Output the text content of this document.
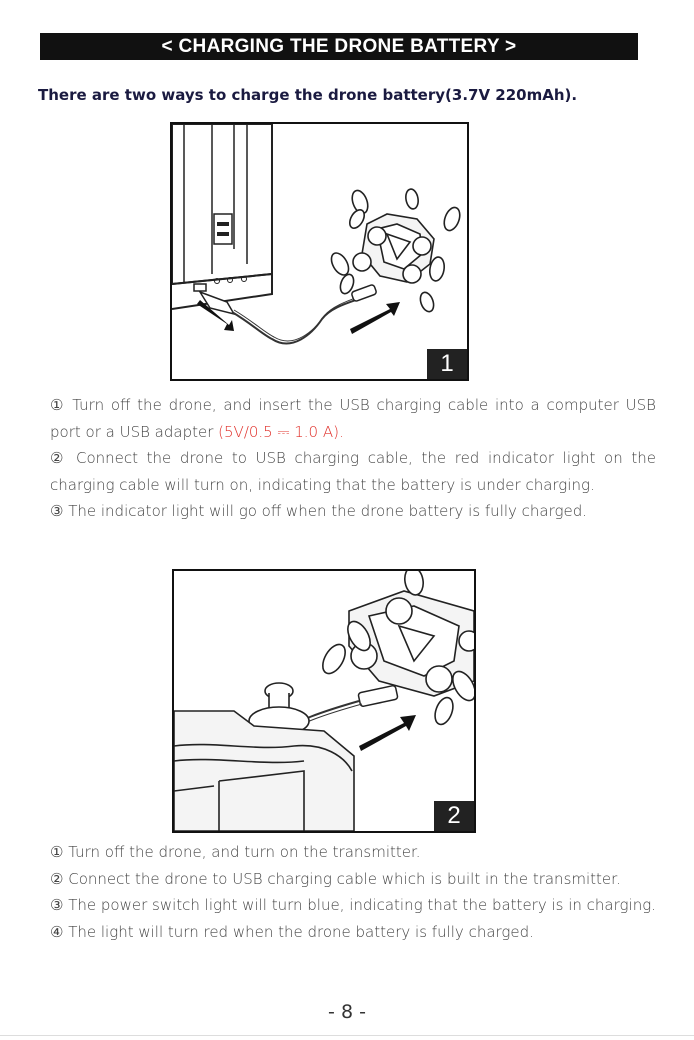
< CHARGING THE DRONE BATTERY >
There are two ways to charge the drone battery(3.7V 220mAh).
1
① Turn off the drone, and insert the USB charging cable into a computer USB port or a USB adapter (5V/0.5 ⎓ 1.0 A).
② Connect the drone to USB charging cable, the red indicator light on the charging cable will turn on, indicating that the battery is under charging.
③ The indicator light will go off when the drone battery is fully charged.
2
① Turn off the drone, and turn on the transmitter.
② Connect the drone to USB charging cable which is built in the transmitter.
③ The power switch light will turn blue, indicating that the battery is in charging.
④ The light will turn red when the drone battery is fully charged.
- 8 -
